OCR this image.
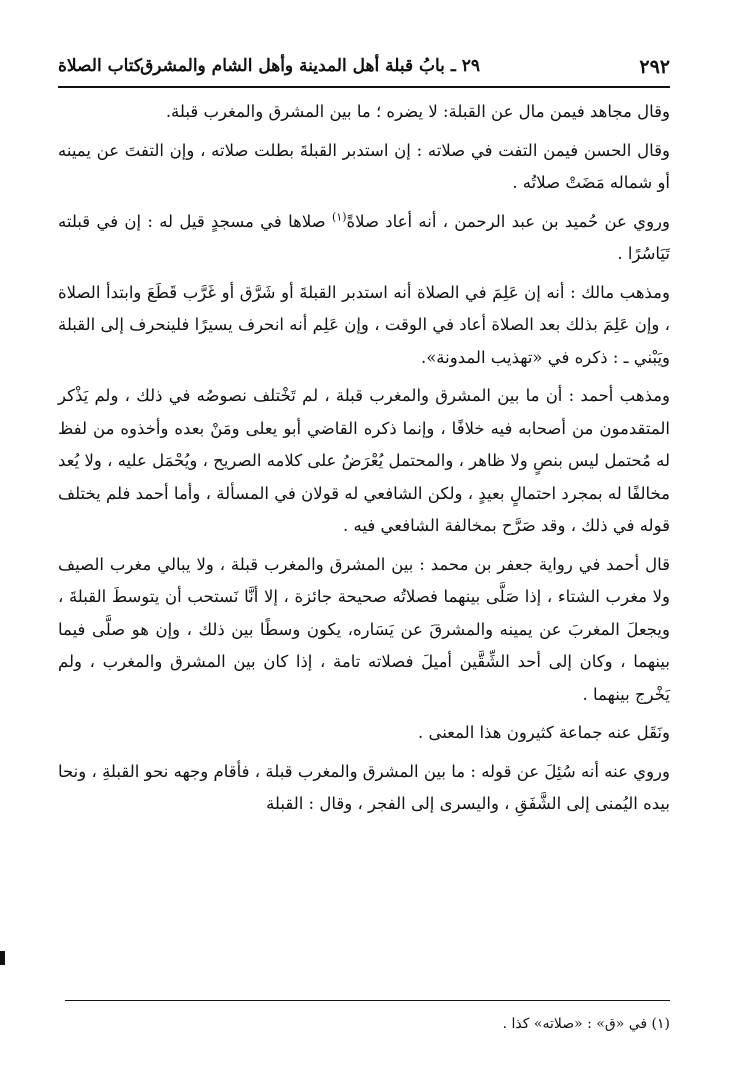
٢٩٢
٢٩ ـ بابُ قبلة أهل المدينة وأهل الشام والمشرق
كتاب الصلاة

وقال مجاهد فيمن مال عن القبلة: لا يضره ؛ ما بين المشرق والمغرب قبلة.

وقال الحسن فيمن التفت في صلاته : إن استدبر القبلةَ بطلت صلاته ، وإن التفتَ عن يمينه أو شماله مَضَتْ صلاتُه .

وروي عن حُميد بن عبد الرحمن ، أنه أعاد صلاةً$^{(١)}$ صلاها في مسجدٍ قيل له : إن في قبلته تَيَاسُرًا .

ومذهب مالك : أنه إن عَلِمَ في الصلاة أنه استدبر القبلةَ أو شَرَّق أو غَرَّب قَطَعَ وابتدأ الصلاة ، وإن عَلِمَ بذلك بعد الصلاة أعاد في الوقت ، وإن عَلِم أنه انحرف يسيرًا فلينحرف إلى القبلة ويَبْني ـ : ذكره في «تهذيب المدونة».

ومذهب أحمد : أن ما بين المشرق والمغرب قبلة ، لم تَخْتلف نصوصُه في ذلك ، ولم يَذْكر المتقدمون من أصحابه فيه خلافًا ، وإنما ذكره القاضي أبو يعلى ومَنْ بعده وأخذوه من لفظ له مُحتمل ليس بنصٍ ولا ظاهر ، والمحتمل يُعْرَضُ على كلامه الصريح ، ويُحْمَل عليه ، ولا يُعد مخالفًا له بمجرد احتمالٍ بعيدٍ ، ولكن الشافعي له قولان في المسألة ، وأما أحمد فلم يختلف قوله في ذلك ، وقد صَرَّح بمخالفة الشافعي فيه .

قال أحمد في رواية جعفر بن محمد : بين المشرق والمغرب قبلة ، ولا يبالي مغرب الصيف ولا مغرب الشتاء ، إذا صَلَّى بينهما فصلاتُه صحيحة جائزة ، إلا أنَّا نَستحب أن يتوسطَ القبلةَ ، ويجعلَ المغربَ عن يمينه والمشرقَ عن يَسَاره، يكون وسطًا بين ذلك ، وإن هو صلَّى فيما بينهما ، وكان إلى أحد الشِّقَّين أميلَ فصلاته تامة ، إذا كان بين المشرق والمغرب ، ولم يَخْرج بينهما .

ونَقَل عنه جماعة كثيرون هذا المعنى .

وروي عنه أنه سُئِلَ عن قوله : ما بين المشرق والمغرب قبلة ، فأقام وجهه نحو القبلةِ ، ونحا بيده اليُمنى إلى الشَّفَقِ ، واليسرى إلى الفجر ، وقال : القبلة

(١) في «ق» : «صلاته» كذا .
